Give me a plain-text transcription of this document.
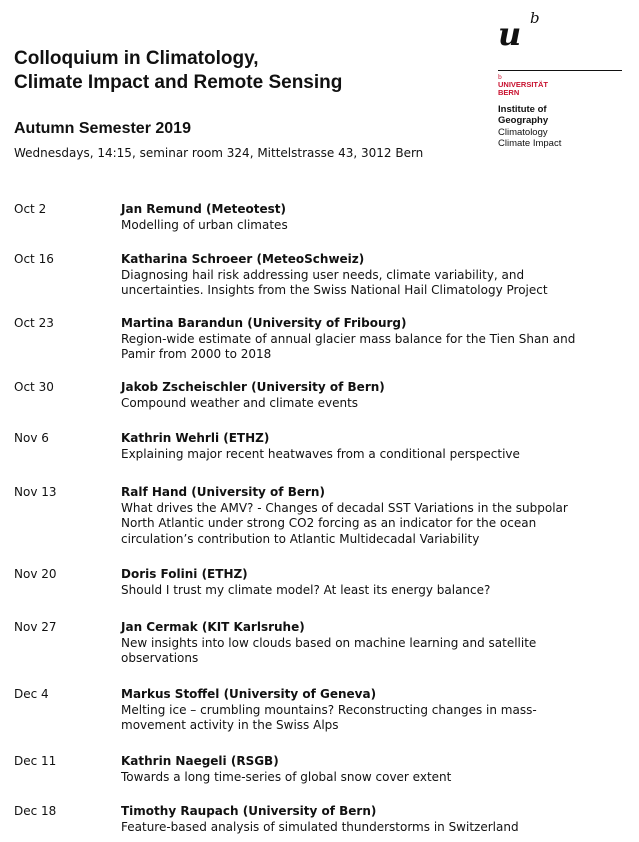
Colloquium in Climatology,
Climate Impact and Remote Sensing
Autumn Semester 2019
Wednesdays, 14:15, seminar room 324, Mittelstrasse 43, 3012 Bern
u b
b
UNIVERSITÄT
BERN
Institute of
Geography
Climatology
Climate Impact
Oct 2	Jan Remund (Meteotest)
Modelling of urban climates
Oct 16	Katharina Schroeer (MeteoSchweiz)
Diagnosing hail risk addressing user needs, climate variability, and
uncertainties. Insights from the Swiss National Hail Climatology Project
Oct 23	Martina Barandun (University of Fribourg)
Region-wide estimate of annual glacier mass balance for the Tien Shan and
Pamir from 2000 to 2018
Oct 30	Jakob Zscheischler (University of Bern)
Compound weather and climate events
Nov 6	Kathrin Wehrli (ETHZ)
Explaining major recent heatwaves from a conditional perspective
Nov 13	Ralf Hand (University of Bern)
What drives the AMV? - Changes of decadal SST Variations in the subpolar
North Atlantic under strong CO2 forcing as an indicator for the ocean
circulation’s contribution to Atlantic Multidecadal Variability
Nov 20	Doris Folini (ETHZ)
Should I trust my climate model? At least its energy balance?
Nov 27	Jan Cermak (KIT Karlsruhe)
New insights into low clouds based on machine learning and satellite
observations
Dec 4	Markus Stoffel (University of Geneva)
Melting ice – crumbling mountains? Reconstructing changes in mass-
movement activity in the Swiss Alps
Dec 11	Kathrin Naegeli (RSGB)
Towards a long time-series of global snow cover extent
Dec 18	Timothy Raupach (University of Bern)
Feature-based analysis of simulated thunderstorms in Switzerland
